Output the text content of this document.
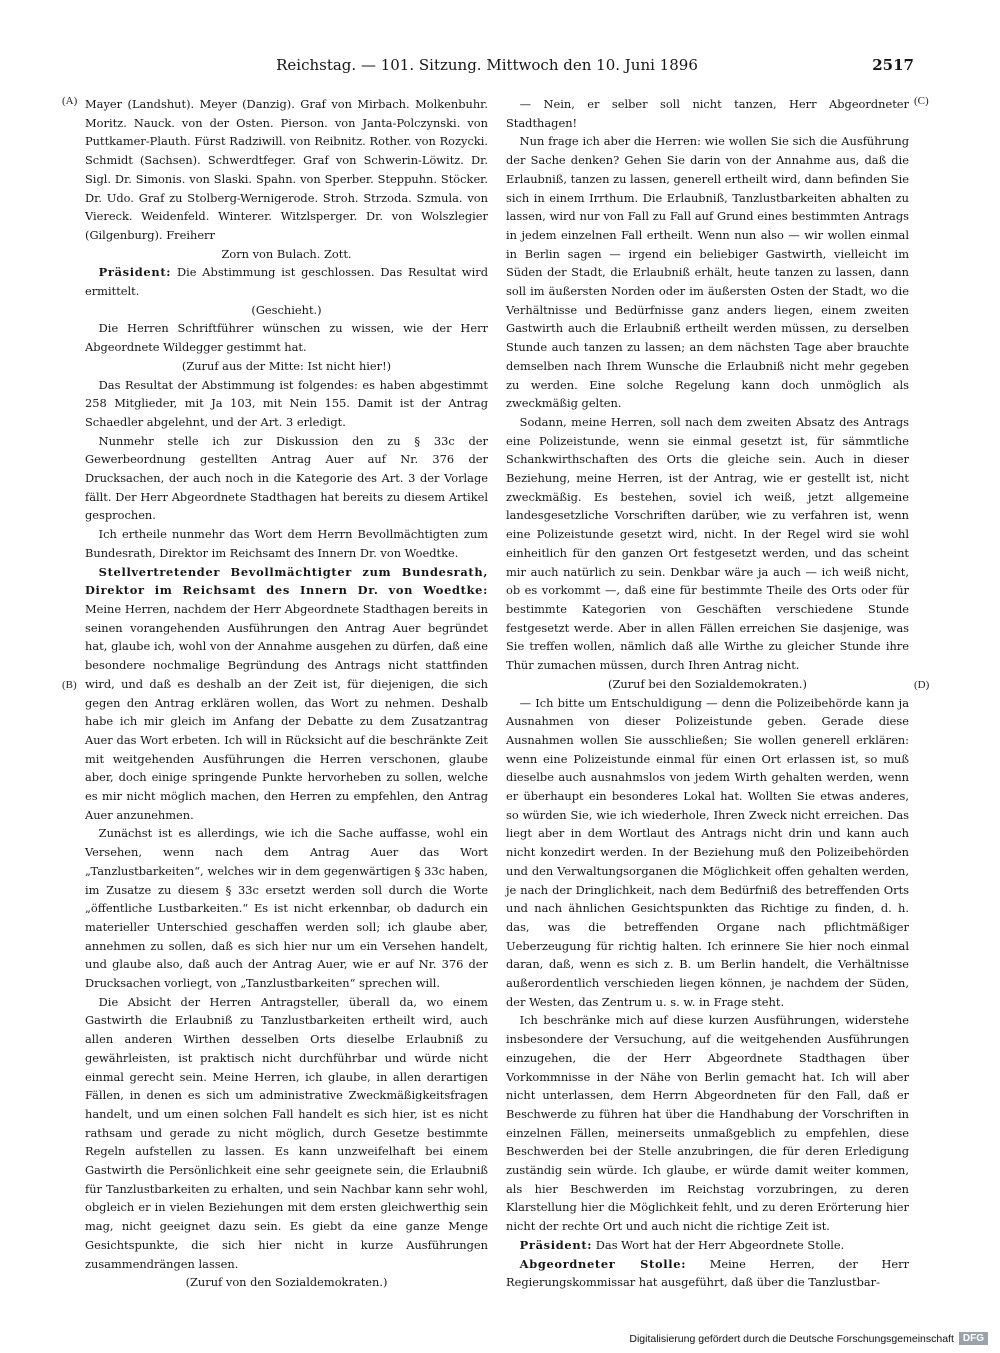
Reichstag. — 101. Sitzung. Mittwoch den 10. Juni 1896	2517
(A)
(B)
(C)
(D)

Mayer (Landshut). Meyer (Danzig). Graf von Mirbach. Molkenbuhr. Moritz. Nauck. von der Osten. Pierson. von Janta-Polczynski. von Puttkamer-Plauth. Fürst Radziwill. von Reibnitz. Rother. von Rozycki. Schmidt (Sachsen). Schwerdtfeger. Graf von Schwerin-Löwitz. Dr. Sigl. Dr. Simonis. von Slaski. Spahn. von Sperber. Steppuhn. Stöcker. Dr. Udo. Graf zu Stolberg-Wernigerode. Stroh. Strzoda. Szmula. von Viereck. Weidenfeld. Winterer. Witzlsperger. Dr. von Wolszlegier (Gilgenburg). Freiherr

Zorn von Bulach. Zott.

Präsident: Die Abstimmung ist geschlossen. Das Resultat wird ermittelt.

(Geschieht.)

Die Herren Schriftführer wünschen zu wissen, wie der Herr Abgeordnete Wildegger gestimmt hat.

(Zuruf aus der Mitte: Ist nicht hier!)

Das Resultat der Abstimmung ist folgendes: es haben abgestimmt 258 Mitglieder, mit Ja 103, mit Nein 155. Damit ist der Antrag Schaedler abgelehnt, und der Art. 3 erledigt.

Nunmehr stelle ich zur Diskussion den zu § 33c der Gewerbeordnung gestellten Antrag Auer auf Nr. 376 der Drucksachen, der auch noch in die Kategorie des Art. 3 der Vorlage fällt. Der Herr Abgeordnete Stadthagen hat bereits zu diesem Artikel gesprochen.

Ich ertheile nunmehr das Wort dem Herrn Bevollmächtigten zum Bundesrath, Direktor im Reichsamt des Innern Dr. von Woedtke.

Stellvertretender Bevollmächtigter zum Bundesrath, Direktor im Reichsamt des Innern Dr. von Woedtke: Meine Herren, nachdem der Herr Abgeordnete Stadthagen bereits in seinen vorangehenden Ausführungen den Antrag Auer begründet hat, glaube ich, wohl von der Annahme ausgehen zu dürfen, daß eine besondere nochmalige Begründung des Antrags nicht stattfinden wird, und daß es deshalb an der Zeit ist, für diejenigen, die sich gegen den Antrag erklären wollen, das Wort zu nehmen. Deshalb habe ich mir gleich im Anfang der Debatte zu dem Zusatzantrag Auer das Wort erbeten. Ich will in Rücksicht auf die beschränkte Zeit mit weitgehenden Ausführungen die Herren verschonen, glaube aber, doch einige springende Punkte hervorheben zu sollen, welche es mir nicht möglich machen, den Herren zu empfehlen, den Antrag Auer anzunehmen.

Zunächst ist es allerdings, wie ich die Sache auffasse, wohl ein Versehen, wenn nach dem Antrag Auer das Wort „Tanzlustbarkeiten“, welches wir in dem gegenwärtigen § 33c haben, im Zusatze zu diesem § 33c ersetzt werden soll durch die Worte „öffentliche Lustbarkeiten.“ Es ist nicht erkennbar, ob dadurch ein materieller Unterschied geschaffen werden soll; ich glaube aber, annehmen zu sollen, daß es sich hier nur um ein Versehen handelt, und glaube also, daß auch der Antrag Auer, wie er auf Nr. 376 der Drucksachen vorliegt, von „Tanzlustbarkeiten“ sprechen will.

Die Absicht der Herren Antragsteller, überall da, wo einem Gastwirth die Erlaubniß zu Tanzlustbarkeiten ertheilt wird, auch allen anderen Wirthen desselben Orts dieselbe Erlaubniß zu gewährleisten, ist praktisch nicht durchführbar und würde nicht einmal gerecht sein. Meine Herren, ich glaube, in allen derartigen Fällen, in denen es sich um administrative Zweckmäßigkeitsfragen handelt, und um einen solchen Fall handelt es sich hier, ist es nicht rathsam und gerade zu nicht möglich, durch Gesetze bestimmte Regeln aufstellen zu lassen. Es kann unzweifelhaft bei einem Gastwirth die Persönlichkeit eine sehr geeignete sein, die Erlaubniß für Tanzlustbarkeiten zu erhalten, und sein Nachbar kann sehr wohl, obgleich er in vielen Beziehungen mit dem ersten gleichwerthig sein mag, nicht geeignet dazu sein. Es giebt da eine ganze Menge Gesichtspunkte, die sich hier nicht in kurze Ausführungen zusammendrängen lassen.

(Zuruf von den Sozialdemokraten.)

— Nein, er selber soll nicht tanzen, Herr Abgeordneter Stadthagen!

Nun frage ich aber die Herren: wie wollen Sie sich die Ausführung der Sache denken? Gehen Sie darin von der Annahme aus, daß die Erlaubniß, tanzen zu lassen, generell ertheilt wird, dann befinden Sie sich in einem Irrthum. Die Erlaubniß, Tanzlustbarkeiten abhalten zu lassen, wird nur von Fall zu Fall auf Grund eines bestimmten Antrags in jedem einzelnen Fall ertheilt. Wenn nun also — wir wollen einmal in Berlin sagen — irgend ein beliebiger Gastwirth, vielleicht im Süden der Stadt, die Erlaubniß erhält, heute tanzen zu lassen, dann soll im äußersten Norden oder im äußersten Osten der Stadt, wo die Verhältnisse und Bedürfnisse ganz anders liegen, einem zweiten Gastwirth auch die Erlaubniß ertheilt werden müssen, zu derselben Stunde auch tanzen zu lassen; an dem nächsten Tage aber brauchte demselben nach Ihrem Wunsche die Erlaubniß nicht mehr gegeben zu werden. Eine solche Regelung kann doch unmöglich als zweckmäßig gelten.

Sodann, meine Herren, soll nach dem zweiten Absatz des Antrags eine Polizeistunde, wenn sie einmal gesetzt ist, für sämmtliche Schankwirthschaften des Orts die gleiche sein. Auch in dieser Beziehung, meine Herren, ist der Antrag, wie er gestellt ist, nicht zweckmäßig. Es bestehen, soviel ich weiß, jetzt allgemeine landesgesetzliche Vorschriften darüber, wie zu verfahren ist, wenn eine Polizeistunde gesetzt wird, nicht. In der Regel wird sie wohl einheitlich für den ganzen Ort festgesetzt werden, und das scheint mir auch natürlich zu sein. Denkbar wäre ja auch — ich weiß nicht, ob es vorkommt —, daß eine für bestimmte Theile des Orts oder für bestimmte Kategorien von Geschäften verschiedene Stunde festgesetzt werde. Aber in allen Fällen erreichen Sie dasjenige, was Sie treffen wollen, nämlich daß alle Wirthe zu gleicher Stunde ihre Thür zumachen müssen, durch Ihren Antrag nicht.

(Zuruf bei den Sozialdemokraten.)

— Ich bitte um Entschuldigung — denn die Polizeibehörde kann ja Ausnahmen von dieser Polizeistunde geben. Gerade diese Ausnahmen wollen Sie ausschließen; Sie wollen generell erklären: wenn eine Polizeistunde einmal für einen Ort erlassen ist, so muß dieselbe auch ausnahmslos von jedem Wirth gehalten werden, wenn er überhaupt ein besonderes Lokal hat. Wollten Sie etwas anderes, so würden Sie, wie ich wiederhole, Ihren Zweck nicht erreichen. Das liegt aber in dem Wortlaut des Antrags nicht drin und kann auch nicht konzedirt werden. In der Beziehung muß den Polizeibehörden und den Verwaltungsorganen die Möglichkeit offen gehalten werden, je nach der Dringlichkeit, nach dem Bedürfniß des betreffenden Orts und nach ähnlichen Gesichtspunkten das Richtige zu finden, d. h. das, was die betreffenden Organe nach pflichtmäßiger Ueberzeugung für richtig halten. Ich erinnere Sie hier noch einmal daran, daß, wenn es sich z. B. um Berlin handelt, die Verhältnisse außerordentlich verschieden liegen können, je nachdem der Süden, der Westen, das Zentrum u. s. w. in Frage steht.

Ich beschränke mich auf diese kurzen Ausführungen, widerstehe insbesondere der Versuchung, auf die weitgehenden Ausführungen einzugehen, die der Herr Abgeordnete Stadthagen über Vorkommnisse in der Nähe von Berlin gemacht hat. Ich will aber nicht unterlassen, dem Herrn Abgeordneten für den Fall, daß er Beschwerde zu führen hat über die Handhabung der Vorschriften in einzelnen Fällen, meinerseits unmaßgeblich zu empfehlen, diese Beschwerden bei der Stelle anzubringen, die für deren Erledigung zuständig sein würde. Ich glaube, er würde damit weiter kommen, als hier Beschwerden im Reichstag vorzubringen, zu deren Klarstellung hier die Möglichkeit fehlt, und zu deren Erörterung hier nicht der rechte Ort und auch nicht die richtige Zeit ist.

Präsident: Das Wort hat der Herr Abgeordnete Stolle.

Abgeordneter Stolle: Meine Herren, der Herr Regierungskommissar hat ausgeführt, daß über die Tanzlustbar-

Digitalisierung gefördert durch die Deutsche Forschungsgemeinschaft DFG
